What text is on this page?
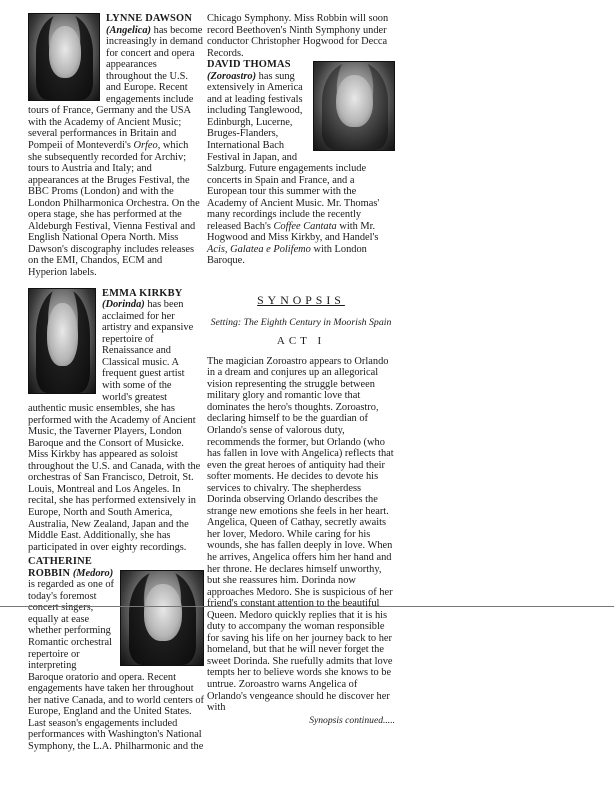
LYNNE DAWSON
(Angelica) has become increasingly in demand for concert and opera appearances throughout the U.S. and Europe. Recent engagements include tours of France, Germany and the USA with the Academy of Ancient Music; several performances in Britain and Pompeii of Monteverdi's Orfeo, which she subsequently recorded for Archiv; tours to Austria and Italy; and appearances at the Bruges Festival, the BBC Proms (London) and with the London Philharmonica Orchestra. On the opera stage, she has performed at the Aldeburgh Festival, Vienna Festival and English National Opera North. Miss Dawson's discography includes releases on the EMI, Chandos, ECM and Hyperion labels.

EMMA KIRKBY
(Dorinda) has been acclaimed for her artistry and expansive repertoire of Renaissance and Classical music. A frequent guest artist with some of the world's greatest authentic music ensembles, she has performed with the Academy of Ancient Music, the Taverner Players, London Baroque and the Consort of Musicke. Miss Kirkby has appeared as soloist throughout the U.S. and Canada, with the orchestras of San Francisco, Detroit, St. Louis, Montreal and Los Angeles. In recital, she has performed extensively in Europe, North and South America, Australia, New Zealand, Japan and the Middle East. Additionally, she has participated in over eighty recordings.

CATHERINE
ROBBIN (Medoro)
is regarded as one of today's foremost concert singers, equally at ease whether performing Romantic orchestral repertoire or interpreting Baroque oratorio and opera. Recent engagements have taken her throughout her native Canada, and to world centers of Europe, England and the United States. Last season's engagements included performances with Washington's National Symphony, the L.A. Philharmonic and the

Chicago Symphony. Miss Robbin will soon record Beethoven's Ninth Symphony under conductor Christopher Hogwood for Decca Records.

DAVID THOMAS
(Zoroastro) has sung extensively in America and at leading festivals including Tanglewood, Edinburgh, Lucerne, Bruges-Flanders, International Bach Festival in Japan, and Salzburg. Future engagements include concerts in Spain and France, and a European tour this summer with the Academy of Ancient Music. Mr. Thomas' many recordings include the recently released Bach's Coffee Cantata with Mr. Hogwood and Miss Kirkby, and Handel's Acis, Galatea e Polifemo with London Baroque.

SYNOPSIS
Setting: The Eighth Century in Moorish Spain
ACT I

The magician Zoroastro appears to Orlando in a dream and conjures up an allegorical vision representing the struggle between military glory and romantic love that dominates the hero's thoughts. Zoroastro, declaring himself to be the guardian of Orlando's sense of valorous duty, recommends the former, but Orlando (who has fallen in love with Angelica) reflects that even the great heroes of antiquity had their softer moments. He decides to devote his services to chivalry. The shepherdess Dorinda observing Orlando describes the strange new emotions she feels in her heart. Angelica, Queen of Cathay, secretly awaits her lover, Medoro. While caring for his wounds, she has fallen deeply in love. When he arrives, Angelica offers him her hand and her throne. He declares himself unworthy, but she reassures him. Dorinda now approaches Medoro. She is suspicious of her friend's constant attention to the beautiful Queen. Medoro quickly replies that it is his duty to accompany the woman responsible for saving his life on her journey back to her homeland, but that he will never forget the sweet Dorinda. She ruefully admits that love tempts her to believe words she knows to be untrue. Zoroastro warns Angelica of Orlando's vengeance should he discover her with

Synopsis continued.....
